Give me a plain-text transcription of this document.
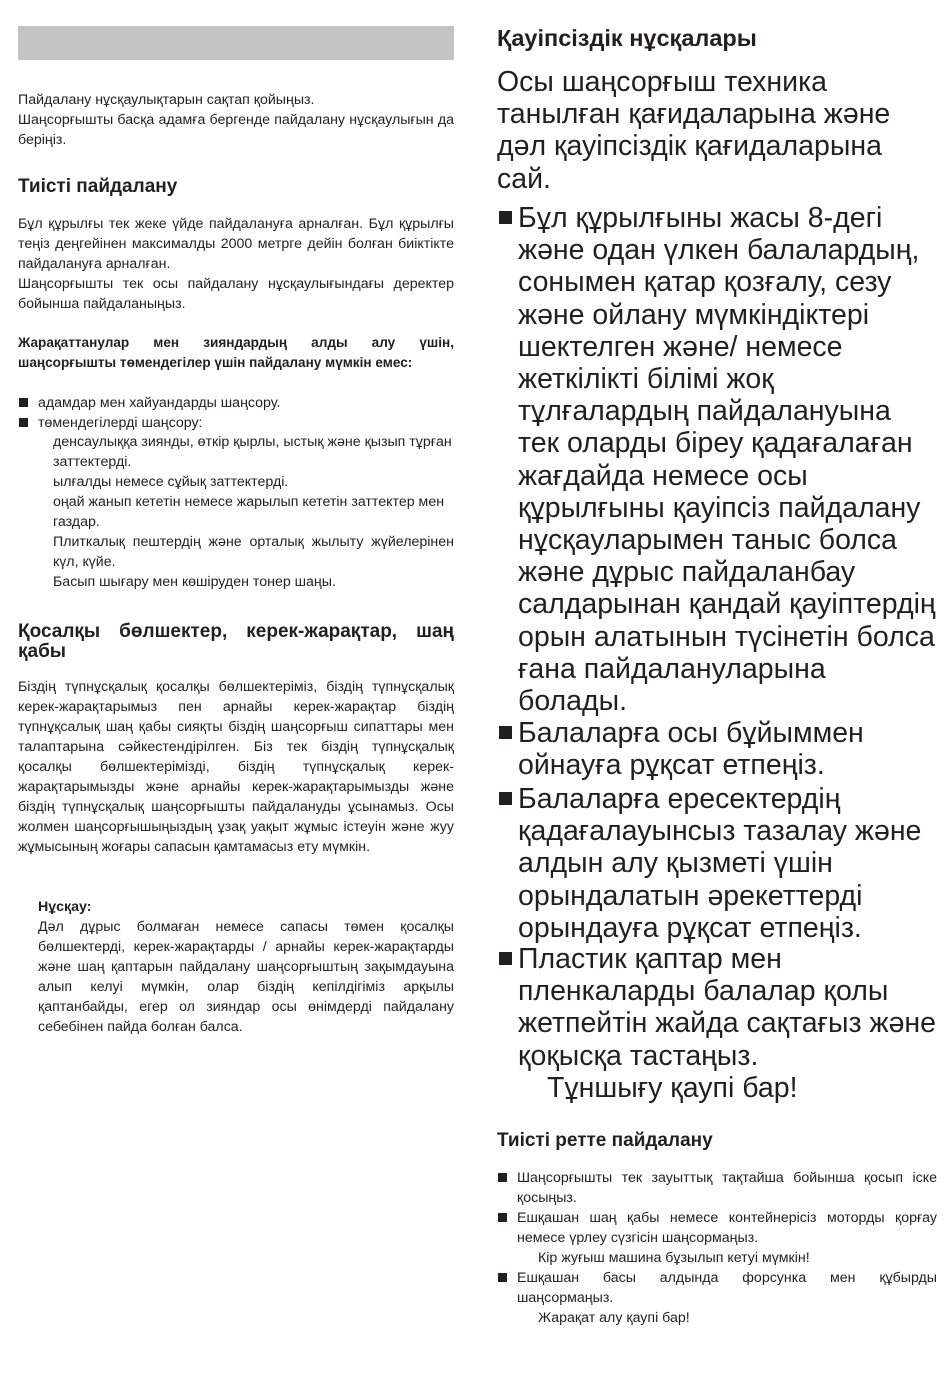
Пайдалану нұсқаулықтарын сақтап қойыңыз.
Шаңсорғышты басқа адамға бергенде пайдалану нұсқаулығын да беріңіз.
Тиісті пайдалану
Бұл құрылғы тек жеке үйде пайдалануға арналған. Бұл құрылғы теңіз деңгейінен максималды 2000 метрге дейін болған биіктікте пайдалануға арналған.
Шаңсорғышты тек осы пайдалану нұсқаулығындағы деректер бойынша пайдаланыңыз.
Жарақаттанулар мен зияндардың алды алу үшін, шаңсорғышты төмендегілер үшін пайдалану мүмкін емес:
адамдар мен хайуандарды шаңсору.
төмендегілерді шаңсору:
денсаулыққа зиянды, өткір қырлы, ыстық және қызып тұрған заттектерді.
ылғалды немесе сұйық заттектерді.
оңай жанып кететін немесе жарылып кететін заттектер мен газдар.
Плиткалық пештердің және орталық жылыту жүйелерінен күл, күйе.
Басып шығару мен көшіруден тонер шаңы.
Қосалқы бөлшектер, керек-жарақтар, шаң қабы
Біздің түпнұсқалық қосалқы бөлшектеріміз, біздің түпнұсқалық керек-жарақтарымыз пен арнайы керек-жарақтар біздің түпнұқсалық шаң қабы сияқты біздің шаңсорғыш сипаттары мен талаптарына сәйкестендірілген. Біз тек біздің түпнұсқалық қосалқы бөлшектерімізді, біздің түпнұсқалық керек-жарақтарымызды және арнайы керек-жарақтарымызды және біздің түпнұсқалық шаңсорғышты пайдалануды ұсынамыз. Осы жолмен шаңсорғышыңыздың ұзақ уақыт жұмыс істеуін және жуу жұмысының жоғары сапасын қамтамасыз ету мүмкін.
Нұсқау:
Дәл дұрыс болмаған немесе сапасы төмен қосалқы бөлшектерді, керек-жарақтарды / арнайы керек-жарақтарды және шаң қаптарын пайдалану шаңсорғыштың зақымдауына алып келуі мүмкін, олар біздің кепілдігіміз арқылы қаптанбайды, егер ол зияндар осы өнімдерді пайдалану себебінен пайда болған балса.
Қауіпсіздік нұсқалары
Осы шаңсорғыш техника танылған қағидаларына және дәл қауіпсіздік қағидаларына сай.
Бұл құрылғыны жасы 8-дегі және одан үлкен балалардың, сонымен қатар қозғалу, сезу және ойлану мүмкіндіктері шектелген және/ немесе жеткілікті білімі жоқ тұлғалардың пайдалануына тек оларды біреу қадағалаған жағдайда немесе осы құрылғыны қауіпсіз пайдалану нұсқауларымен таныс болса және дұрыс пайдаланбау салдарынан қандай қауіптердің орын алатынын түсінетін болса ғана пайдалануларына болады.
Балаларға осы бұйыммен ойнауға рұқсат етпеңіз.
Балаларға ересектердің қадағалауынсыз тазалау және алдын алу қызметі үшін орындалатын әрекеттерді орындауға рұқсат етпеңіз.
Пластик қаптар мен пленкаларды балалар қолы жетпейтін жайда сақтағыз және қоқысқа тастаңыз.
Тұншығу қаупі бар!
Тиісті ретте пайдалану
Шаңсорғышты тек зауыттық тақтайша бойынша қосып іске қосыңыз.
Ешқашан шаң қабы немесе контейнерісіз моторды қорғау немесе үрлеу сүзгісін шаңсормаңыз.
Кір жуғыш машина бұзылып кетуі мүмкін!
Ешқашан басы алдында форсунка мен құбырды шаңсормаңыз.
Жарақат алу қаупі бар!
